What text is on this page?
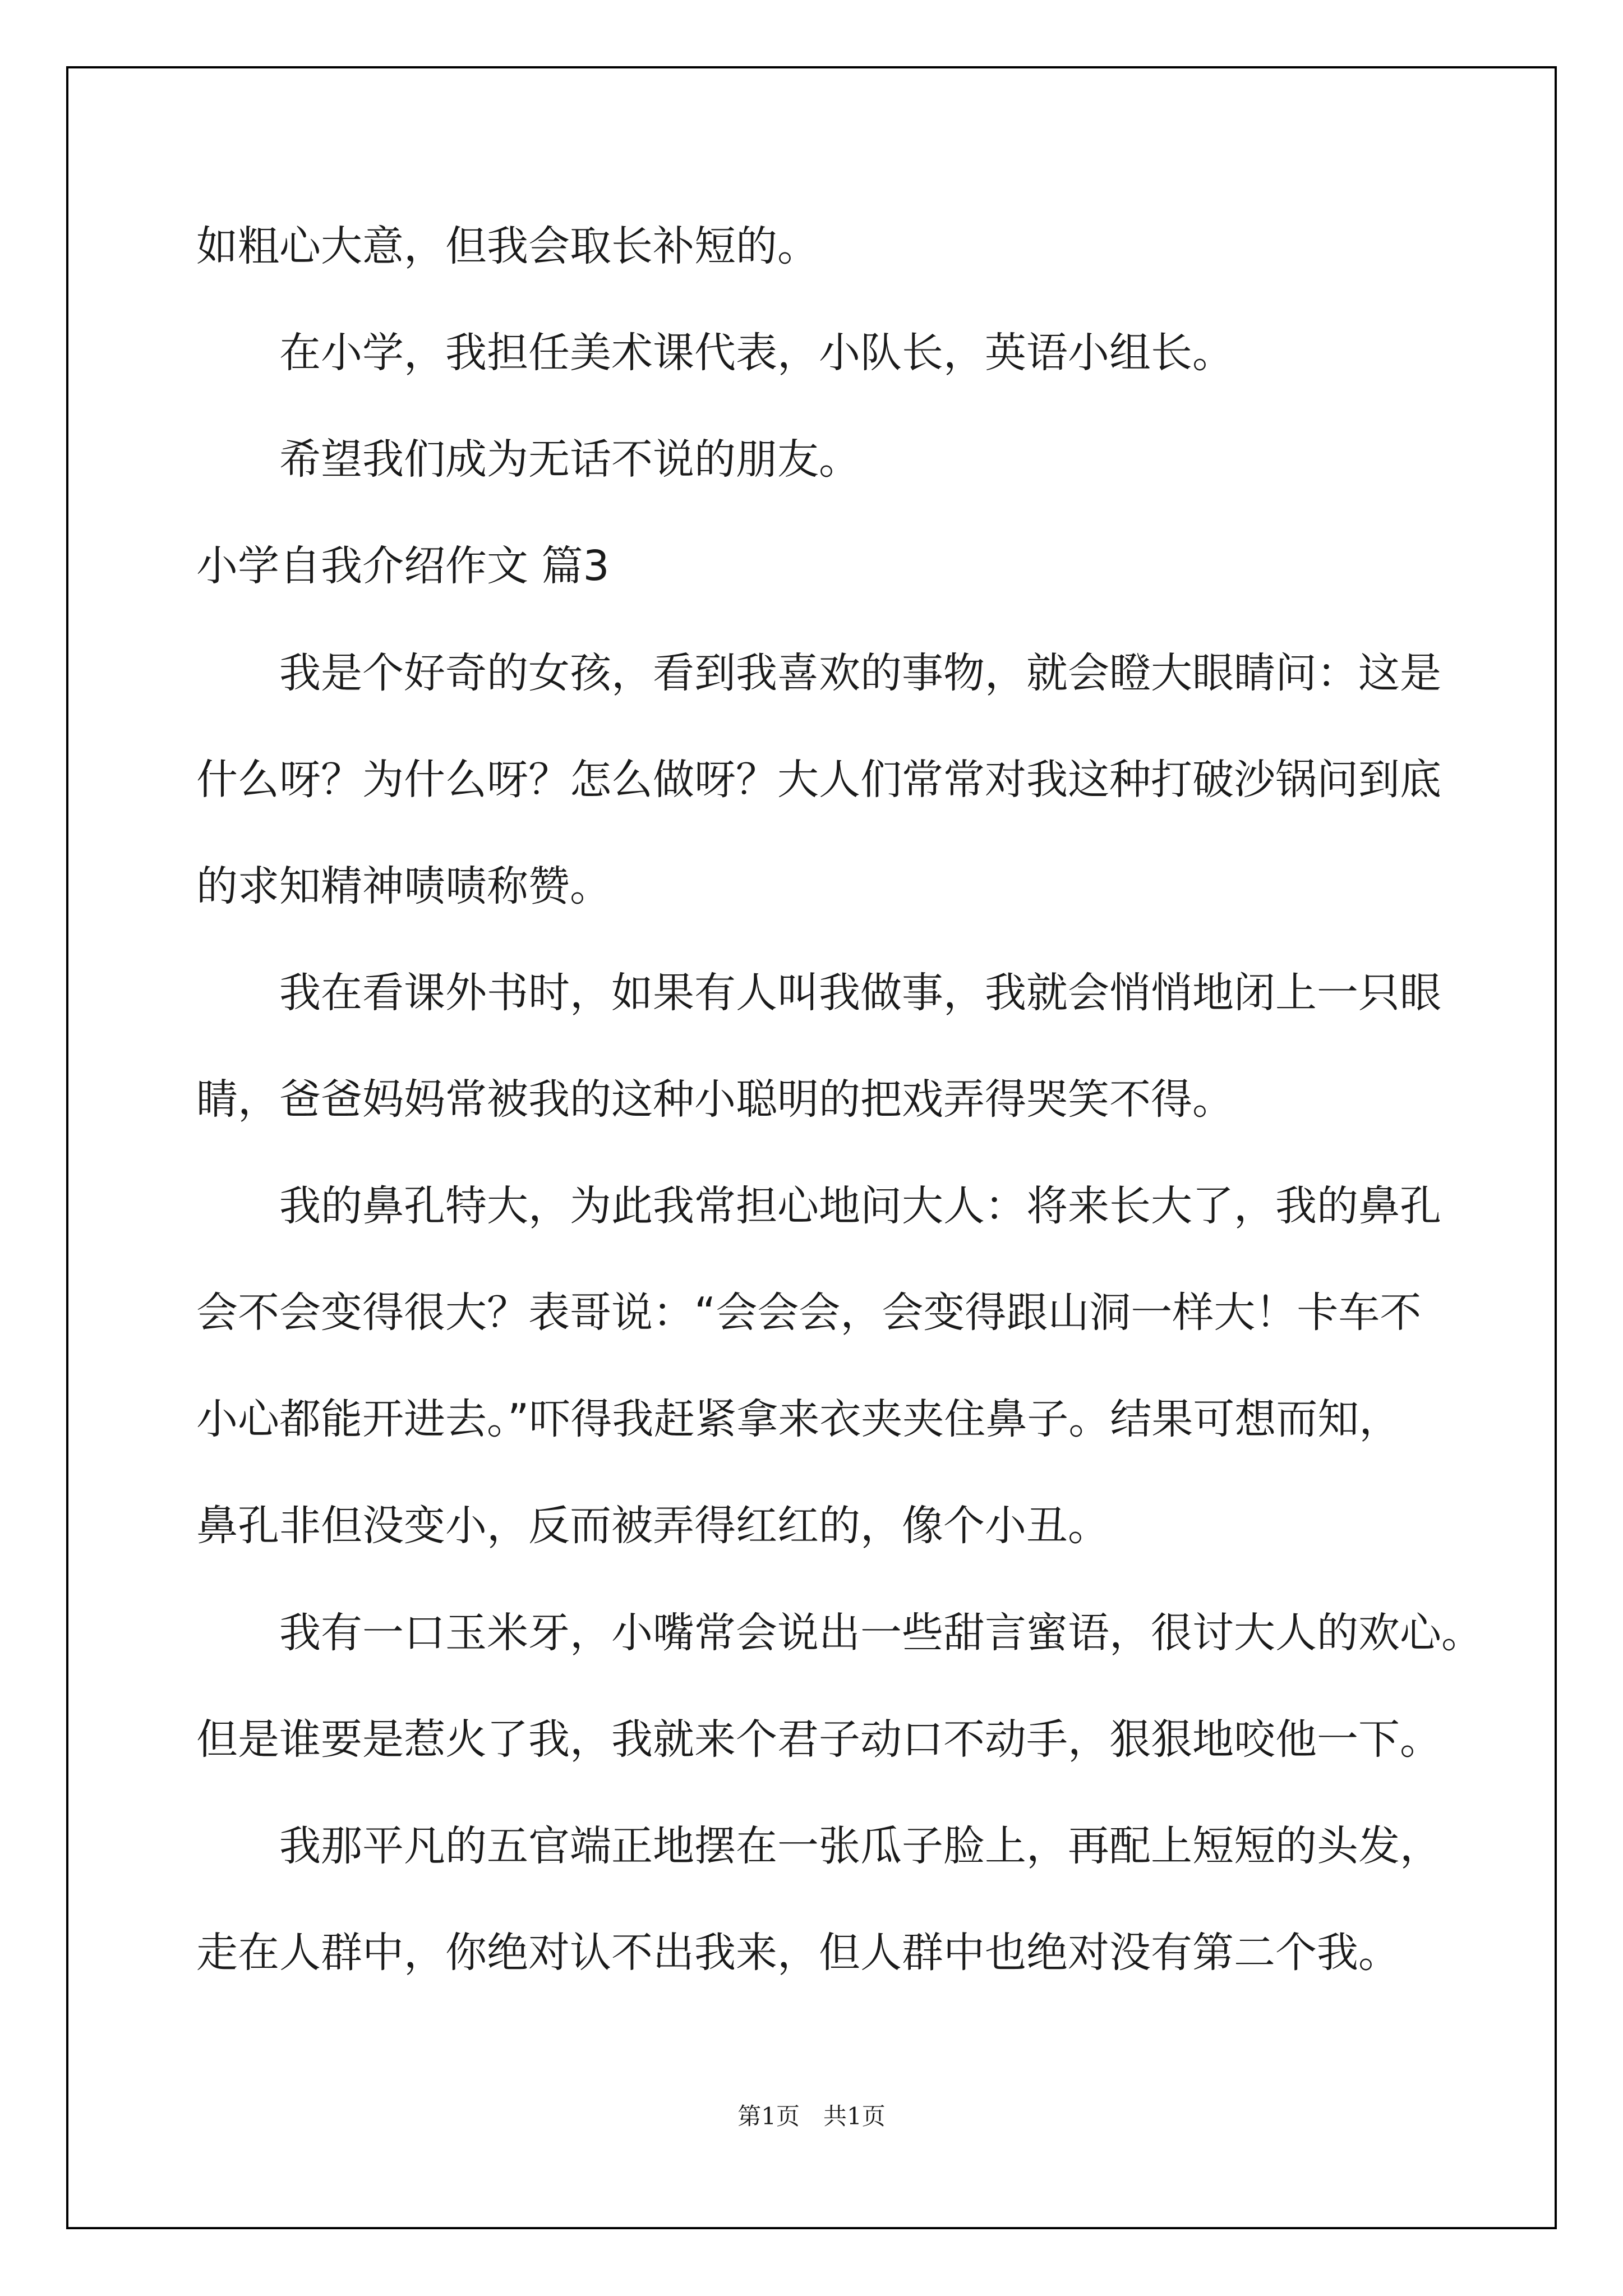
如粗心大意，但我会取长补短的。

在小学，我担任美术课代表，小队长，英语小组长。

希望我们成为无话不说的朋友。

小学自我介绍作文 篇3

我是个好奇的女孩，看到我喜欢的事物，就会瞪大眼睛问：这是

什么呀？为什么呀？怎么做呀？大人们常常对我这种打破沙锅问到底

的求知精神啧啧称赞。

我在看课外书时，如果有人叫我做事，我就会悄悄地闭上一只眼

睛，爸爸妈妈常被我的这种小聪明的把戏弄得哭笑不得。

我的鼻孔特大，为此我常担心地问大人：将来长大了，我的鼻孔

会不会变得很大？表哥说：“会会会，会变得跟山洞一样大！卡车不

小心都能开进去。”吓得我赶紧拿来衣夹夹住鼻子。结果可想而知，

鼻孔非但没变小，反而被弄得红红的，像个小丑。

我有一口玉米牙，小嘴常会说出一些甜言蜜语，很讨大人的欢心。

但是谁要是惹火了我，我就来个君子动口不动手，狠狠地咬他一下。

我那平凡的五官端正地摆在一张瓜子脸上，再配上短短的头发，

走在人群中，你绝对认不出我来，但人群中也绝对没有第二个我。

第1页　共1页
